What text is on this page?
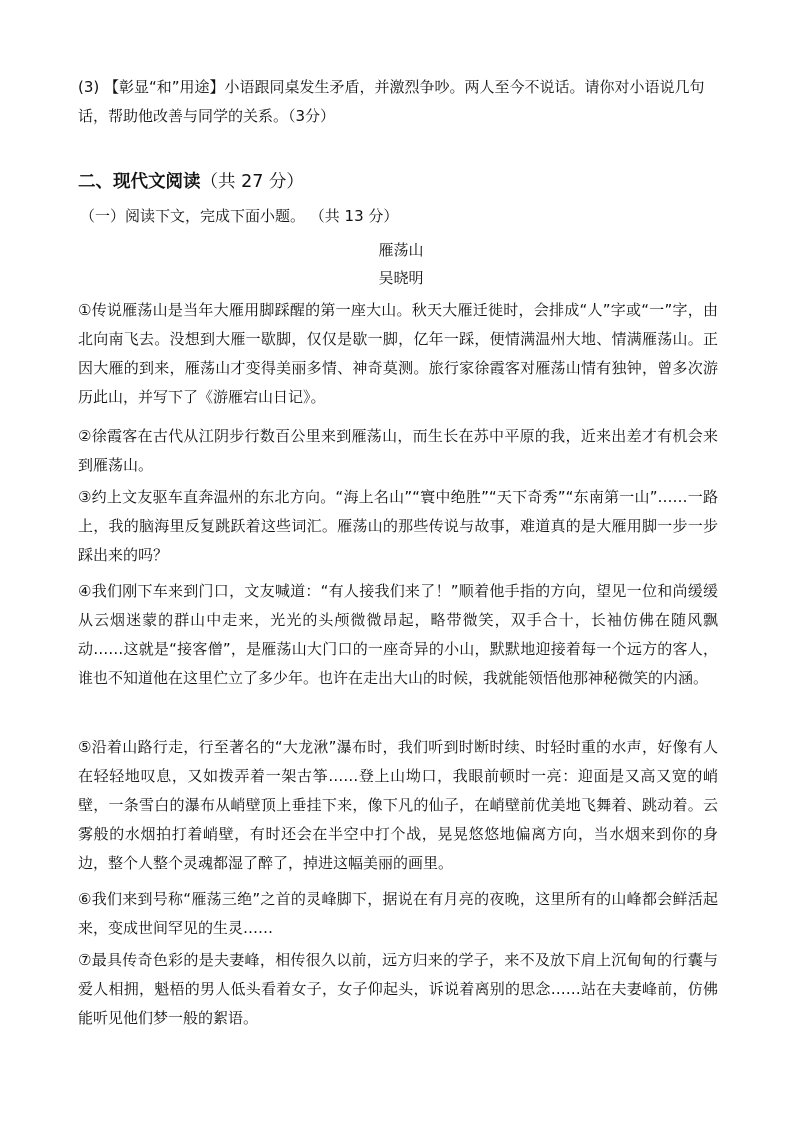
(3) 【彰显“和”用途】小语跟同桌发生矛盾，并激烈争吵。两人至今不说话。请你对小语说几句话，帮助他改善与同学的关系。（3分）
二、现代文阅读（共 27 分）
（一）阅读下文，完成下面小题。 （共 13 分）
雁荡山
吴晓明
①传说雁荡山是当年大雁用脚踩醒的第一座大山。秋天大雁迁徙时，会排成“人”字或“一”字，由北向南飞去。没想到大雁一歇脚，仅仅是歇一脚，亿年一踩，便情满温州大地、情满雁荡山。正因大雁的到来，雁荡山才变得美丽多情、神奇莫测。旅行家徐霞客对雁荡山情有独钟，曾多次游历此山，并写下了《游雁宕山日记》。
②徐霞客在古代从江阴步行数百公里来到雁荡山，而生长在苏中平原的我，近来出差才有机会来到雁荡山。
③约上文友驱车直奔温州的东北方向。“海上名山”“寰中绝胜”“天下奇秀”“东南第一山”……一路上，我的脑海里反复跳跃着这些词汇。雁荡山的那些传说与故事，难道真的是大雁用脚一步一步踩出来的吗？
④我们刚下车来到门口，文友喊道：“有人接我们来了！”顺着他手指的方向，望见一位和尚缓缓从云烟迷蒙的群山中走来，光光的头颅微微昂起，略带微笑，双手合十，长袖仿佛在随风飘动……这就是“接客僧”，是雁荡山大门口的一座奇异的小山，默默地迎接着每一个远方的客人，谁也不知道他在这里伫立了多少年。也许在走出大山的时候，我就能领悟他那神秘微笑的内涵。
⑤沿着山路行走，行至著名的“大龙湫”瀑布时，我们听到时断时续、时轻时重的水声，好像有人在轻轻地叹息，又如拨弄着一架古筝……登上山坳口，我眼前顿时一亮：迎面是又高又宽的峭壁，一条雪白的瀑布从峭壁顶上垂挂下来，像下凡的仙子，在峭壁前优美地飞舞着、跳动着。云雾般的水烟拍打着峭壁，有时还会在半空中打个战，晃晃悠悠地偏离方向，当水烟来到你的身边，整个人整个灵魂都湿了醉了，掉进这幅美丽的画里。
⑥我们来到号称“雁荡三绝”之首的灵峰脚下，据说在有月亮的夜晚，这里所有的山峰都会鲜活起来，变成世间罕见的生灵……
⑦最具传奇色彩的是夫妻峰，相传很久以前，远方归来的学子，来不及放下肩上沉甸甸的行囊与爱人相拥，魁梧的男人低头看着女子，女子仰起头，诉说着离别的思念……站在夫妻峰前，仿佛能听见他们梦一般的絮语。
